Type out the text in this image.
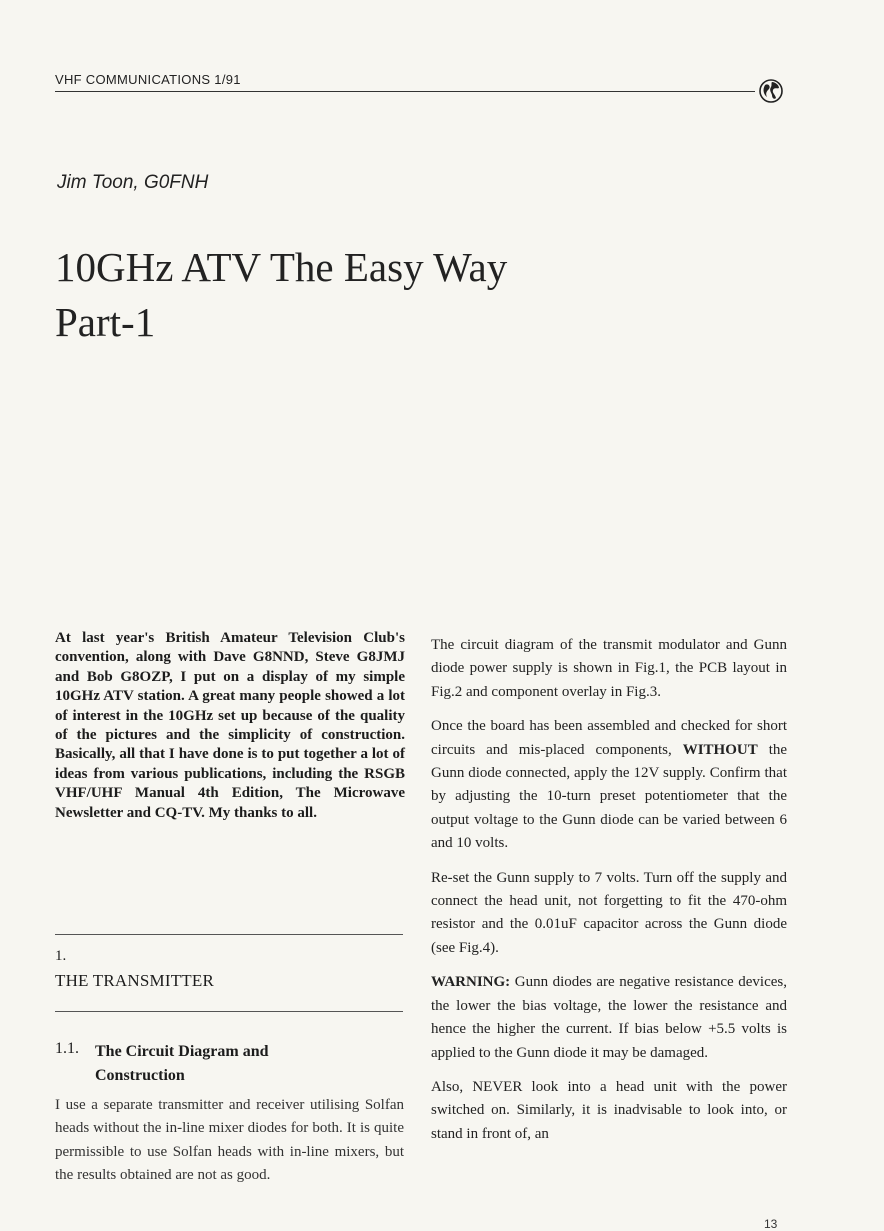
VHF COMMUNICATIONS 1/91
Jim Toon, G0FNH
10GHz ATV The Easy Way
Part-1

At last year's British Amateur Television Club's convention, along with Dave G8NND, Steve G8JMJ and Bob G8OZP, I put on a display of my simple 10GHz ATV station. A great many people showed a lot of interest in the 10GHz set up because of the quality of the pictures and the simplicity of construction. Basically, all that I have done is to put together a lot of ideas from various publications, including the RSGB VHF/UHF Manual 4th Edition, The Microwave Newsletter and CQ-TV. My thanks to all.

1.
THE TRANSMITTER
1.1. The Circuit Diagram and
Construction

I use a separate transmitter and receiver utilising Solfan heads without the in-line mixer diodes for both. It is quite permissible to use Solfan heads with in-line mixers, but the results obtained are not as good.

The circuit diagram of the transmit modulator and Gunn diode power supply is shown in Fig.1, the PCB layout in Fig.2 and component overlay in Fig.3.

Once the board has been assembled and checked for short circuits and mis-placed components, WITHOUT the Gunn diode connected, apply the 12V supply. Confirm that by adjusting the 10-turn preset potentiometer that the output voltage to the Gunn diode can be varied between 6 and 10 volts.

Re-set the Gunn supply to 7 volts. Turn off the supply and connect the head unit, not forgetting to fit the 470-ohm resistor and the 0.01uF capacitor across the Gunn diode (see Fig.4).

WARNING: Gunn diodes are negative resistance devices, the lower the bias voltage, the lower the resistance and hence the higher the current. If bias below +5.5 volts is applied to the Gunn diode it may be damaged.

Also, NEVER look into a head unit with the power switched on. Similarly, it is inadvisable to look into, or stand in front of, an

13
